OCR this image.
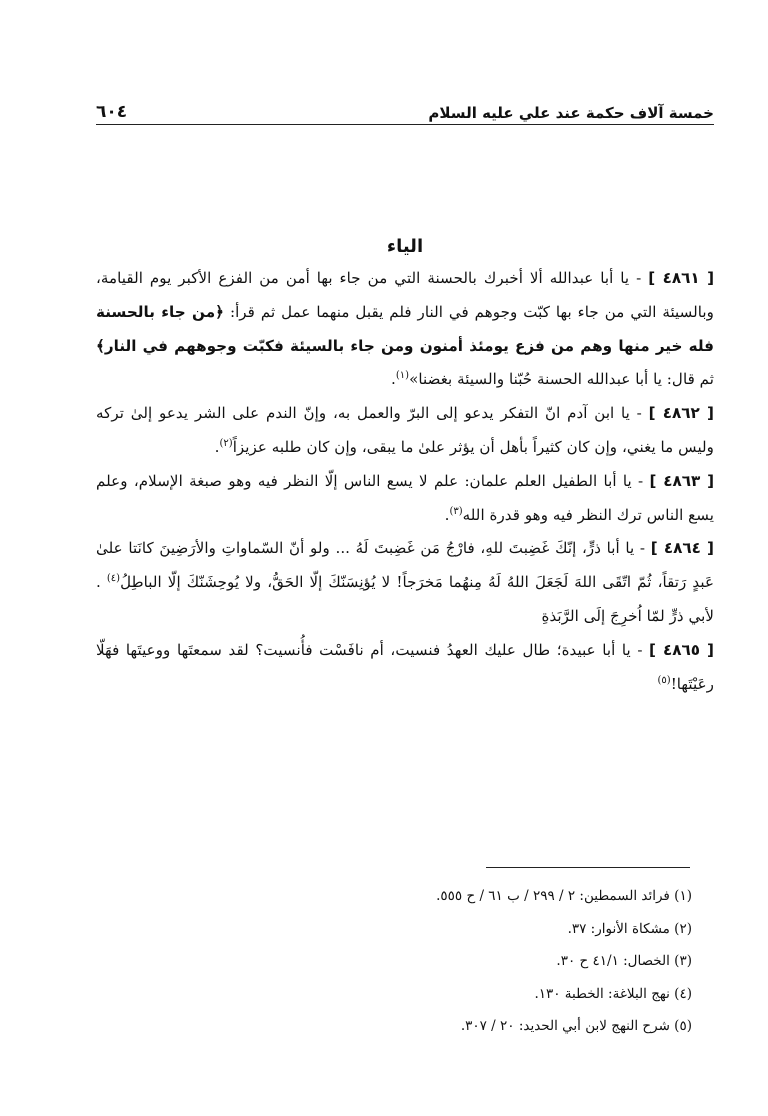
خمسة آلاف حكمة عند علي عليه السلام
٦٠٤
الياء

[ ٤٨٦١ ] - يا أبا عبدالله ألا أخبرك بالحسنة التي من جاء بها أمن من الفزع الأكبر يوم القيامة، وبالسيئة التي من جاء بها كبّت وجوهم في النار فلم يقبل منهما عمل ثم قرأ: ﴿من جاء بالحسنة فله خير منها وهم من فزع يومئذ أمنون ومن جاء بالسيئة فكبّت وجوههم في النار﴾ ثم قال: يا أبا عبدالله الحسنة حُبّنا والسيئة بغضنا»$^{(١)}$.

[ ٤٨٦٢ ] - يا ابن آدم انّ التفكر يدعو إلى البرّ والعمل به، وإنّ الندم على الشر يدعو إلىٰ تركه وليس ما يغني، وإن كان كثيراً بأهل أن يؤثر علىٰ ما يبقى، وإن كان طلبه عزيزاً$^{(٢)}$.

[ ٤٨٦٣ ] - يا أبا الطفيل العلم علمان: علم لا يسع الناس إلّا النظر فيه وهو صبغة الإسلام، وعلم يسع الناس ترك النظر فيه وهو قدرة الله$^{(٣)}$.

[ ٤٨٦٤ ] - يا أبا ذرٍّ، إنّكَ غَضِبتَ للهِ، فارْجُ مَن غَضِبتَ لَهُ ... ولو أنّ السّماواتِ والأرَضِينَ كانَتا علىٰ عَبدٍ رَتقاً، ثُمّ اتّقَى اللهَ لَجَعَلَ اللهُ لَهُ مِنهُما مَخرَجاً! لا يُؤنِسَنّكَ إلّا الحَقُّ، ولا يُوحِشَنّكَ إلّا الباطِلُ$^{(٤)}$ . لأبي ذرٍّ لمّا اُخرِجَ إلَى الرَّبَذةِ

[ ٤٨٦٥ ] - يا أبا عبيدة؛ طال عليك العهدُ فنسيت، أم نافَسْت فأُنسيت؟ لقد سمعتَها ووعيتَها فهَلّا رعَيْتَها!$^{(٥)}$

(١) فرائد السمطين: ٢ / ٢٩٩ / ب ٦١ / ح ٥٥٥.

(٢) مشكاة الأنوار: ٣٧.

(٣) الخصال: ٤١/١ ح ٣٠.

(٤) نهج البلاغة: الخطبة ١٣٠.

(٥) شرح النهج لابن أبي الحديد: ٢٠ / ٣٠٧.
